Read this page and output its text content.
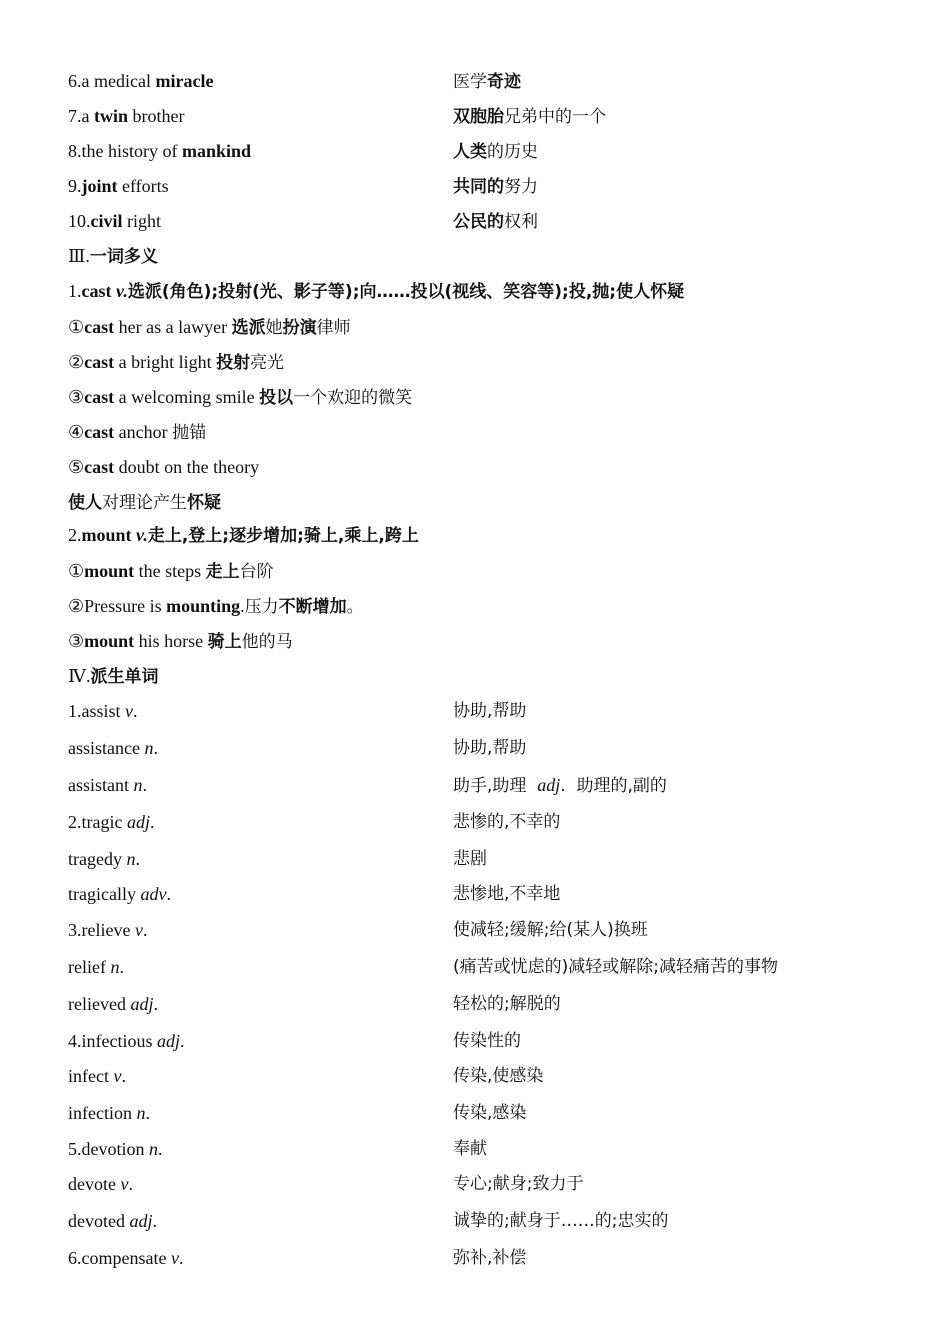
6.a medical miracle	医学奇迹
7.a twin brother	双胞胎兄弟中的一个
8.the history of mankind	人类的历史
9.joint efforts	共同的努力
10.civil right	公民的权利
Ⅲ.一词多义
1.cast v.选派(角色);投射(光、影子等);向……投以(视线、笑容等);投,抛;使人怀疑
①cast her as a lawyer 选派她扮演律师
②cast a bright light 投射亮光
③cast a welcoming smile 投以一个欢迎的微笑
④cast anchor 抛锚
⑤cast doubt on the theory
使人对理论产生怀疑
2.mount v.走上,登上;逐步增加;骑上,乘上,跨上
①mount the steps 走上台阶
②Pressure is mounting.压力不断增加。
③mount his horse 骑上他的马
Ⅳ.派生单词
1.assist v.	协助,帮助
assistance n.	协助,帮助
assistant n.	助手,助理  adj.  助理的,副的
2.tragic adj.	悲惨的,不幸的
tragedy n.	悲剧
tragically adv.	悲惨地,不幸地
3.relieve v.	使减轻;缓解;给(某人)换班
relief n.	(痛苦或忧虑的)减轻或解除;减轻痛苦的事物
relieved adj.	轻松的;解脱的
4.infectious adj.	传染性的
infect v.	传染,使感染
infection n.	传染,感染
5.devotion n.	奉献
devote v.	专心;献身;致力于
devoted adj.	诚挚的;献身于……的;忠实的
6.compensate v.	弥补,补偿
